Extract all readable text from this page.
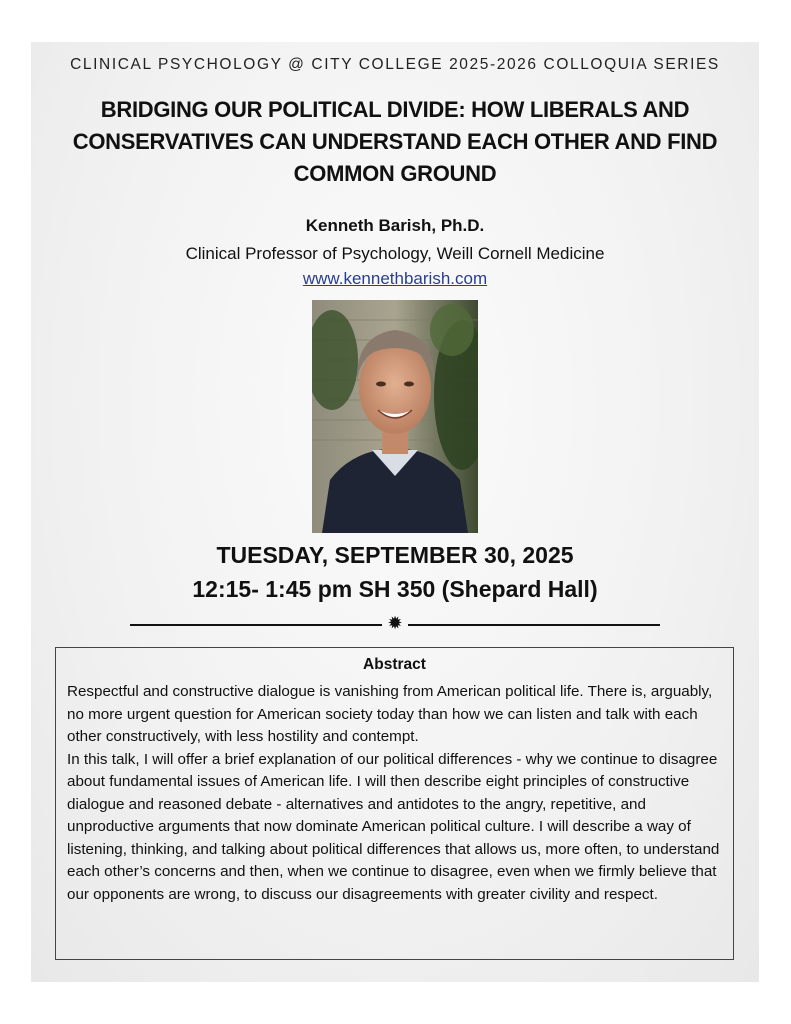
CLINICAL PSYCHOLOGY @ CITY COLLEGE 2025-2026 COLLOQUIA SERIES
BRIDGING OUR POLITICAL DIVIDE: HOW LIBERALS AND
CONSERVATIVES CAN UNDERSTAND EACH OTHER AND FIND
COMMON GROUND
Kenneth Barish, Ph.D.
Clinical Professor of Psychology, Weill Cornell Medicine
www.kennethbarish.com
TUESDAY, SEPTEMBER 30, 2025
12:15- 1:45 pm SH 350 (Shepard Hall)
✹
Abstract

Respectful and constructive dialogue is vanishing from American political life. There is, arguably, no more urgent question for American society today than how we can listen and talk with each other constructively, with less hostility and contempt.

In this talk, I will offer a brief explanation of our political differences - why we continue to disagree about fundamental issues of American life. I will then describe eight principles of constructive dialogue and reasoned debate - alternatives and antidotes to the angry, repetitive, and unproductive arguments that now dominate American political culture. I will describe a way of listening, thinking, and talking about political differences that allows us, more often, to understand each other’s concerns and then, when we continue to disagree, even when we firmly believe that our opponents are wrong, to discuss our disagreements with greater civility and respect.
